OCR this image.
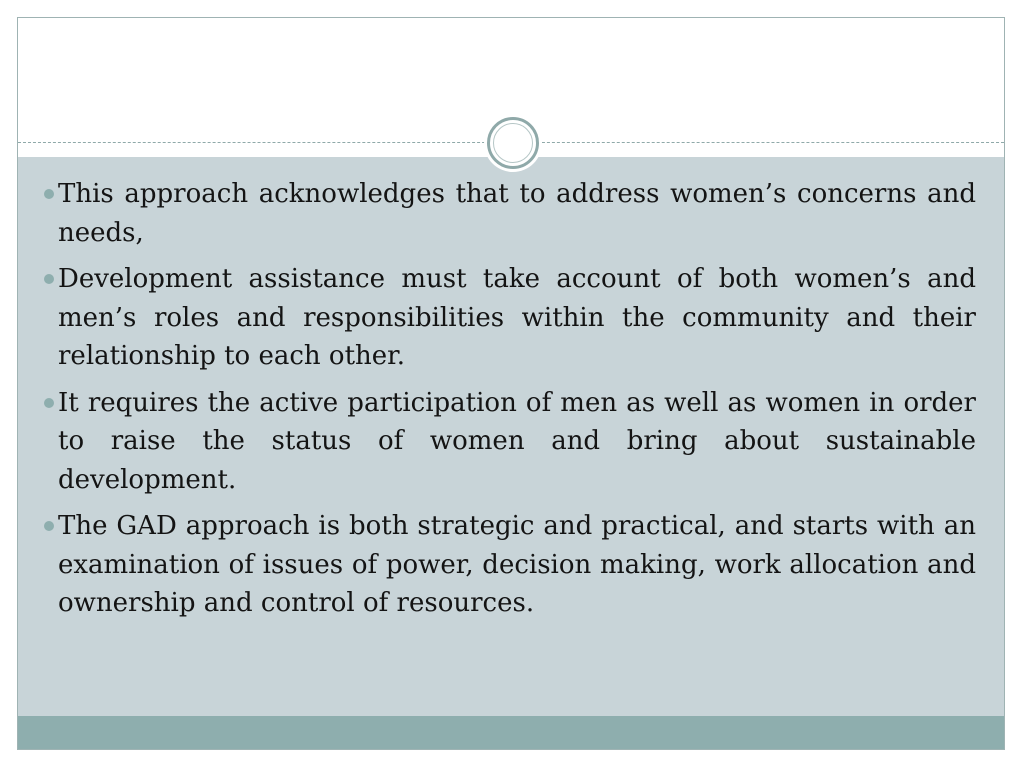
This approach acknowledges that to address women’s concerns and needs,
Development assistance must take account of both women’s and men’s roles and responsibilities within the community and their relationship to each other.
It requires the active participation of men as well as women in order to raise the status of women and bring about sustainable development.
The GAD approach is both strategic and practical, and starts with an examination of issues of power, decision making, work allocation and ownership and control of resources.
